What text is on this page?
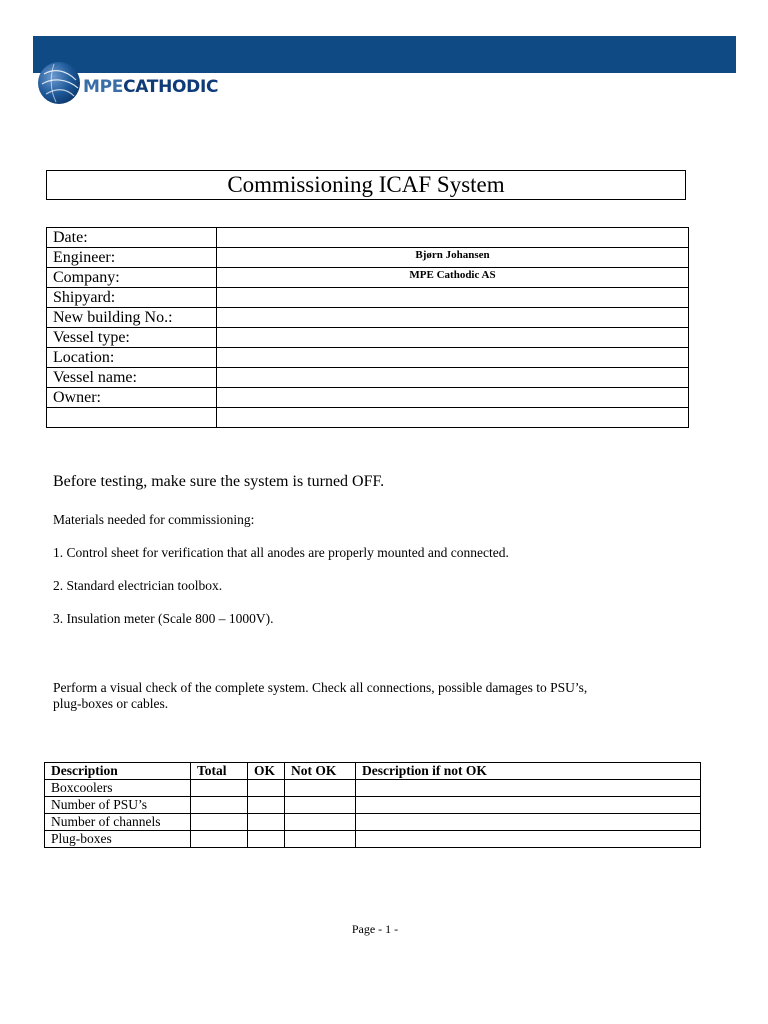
MPECATHODIC
Commissioning ICAF System
Date:	
Engineer:	Bjørn Johansen
Company:	MPE Cathodic AS
Shipyard:	
New building No.:	
Vessel type:	
Location:	
Vessel name:	
Owner:	

Before testing, make sure the system is turned OFF.
Materials needed for commissioning:
1. Control sheet for verification that all anodes are properly mounted and connected.
2. Standard electrician toolbox.
3. Insulation meter (Scale 800 – 1000V).
Perform a visual check of the complete system. Check all connections, possible damages to PSU’s,
plug-boxes or cables.
Description	Total	OK	Not OK	Description if not OK
Boxcoolers				
Number of PSU’s				
Number of channels				
Plug-boxes				
Page - 1 -
